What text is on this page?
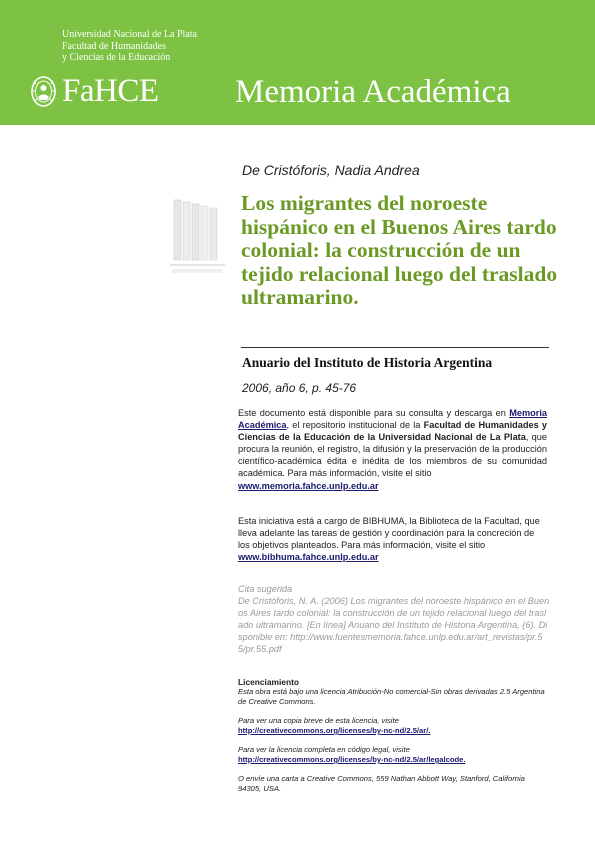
Universidad Nacional de La Plata
Facultad de Humanidades
y Ciencias de la Educación
FaHCE Memoria Académica
De Cristóforis, Nadia Andrea
Los migrantes del noroeste hispánico en el Buenos Aires tardo colonial: la construcción de un tejido relacional luego del traslado ultramarino.
Anuario del Instituto de Historia Argentina
2006, año 6, p. 45-76
Este documento está disponible para su consulta y descarga en Memoria Académica, el repositorio institucional de la Facultad de Humanidades y Ciencias de la Educación de la Universidad Nacional de La Plata, que procura la reunión, el registro, la difusión y la preservación de la producción científico-académica édita e inédita de los miembros de su comunidad académica. Para más información, visite el sitio
www.memoria.fahce.unlp.edu.ar
Esta iniciativa está a cargo de BIBHUMA, la Biblioteca de la Facultad, que lleva adelante las tareas de gestión y coordinación para la concreción de los objetivos planteados. Para más información, visite el sitio
www.bibhuma.fahce.unlp.edu.ar
Cita sugerida
De Cristóforis, N. A. (2006) Los migrantes del noroeste hispánico en el Buenos Aires tardo colonial: la construcción de un tejido relacional luego del traslado ultramarino. [En línea] Anuario del Instituto de Historia Argentina, (6). Disponible en: http://www.fuentesmemoria.fahce.unlp.edu.ar/art_revistas/pr.55/pr.55.pdf
Licenciamiento
Esta obra está bajo una licencia Atribución-No comercial-Sin obras derivadas 2.5 Argentina de Creative Commons.
Para ver una copia breve de esta licencia, visite
http://creativecommons.org/licenses/by-nc-nd/2.5/ar/.
Para ver la licencia completa en código legal, visite
http://creativecommons.org/licenses/by-nc-nd/2.5/ar/legalcode.
O envíe una carta a Creative Commons, 559 Nathan Abbott Way, Stanford, California 94305, USA.
